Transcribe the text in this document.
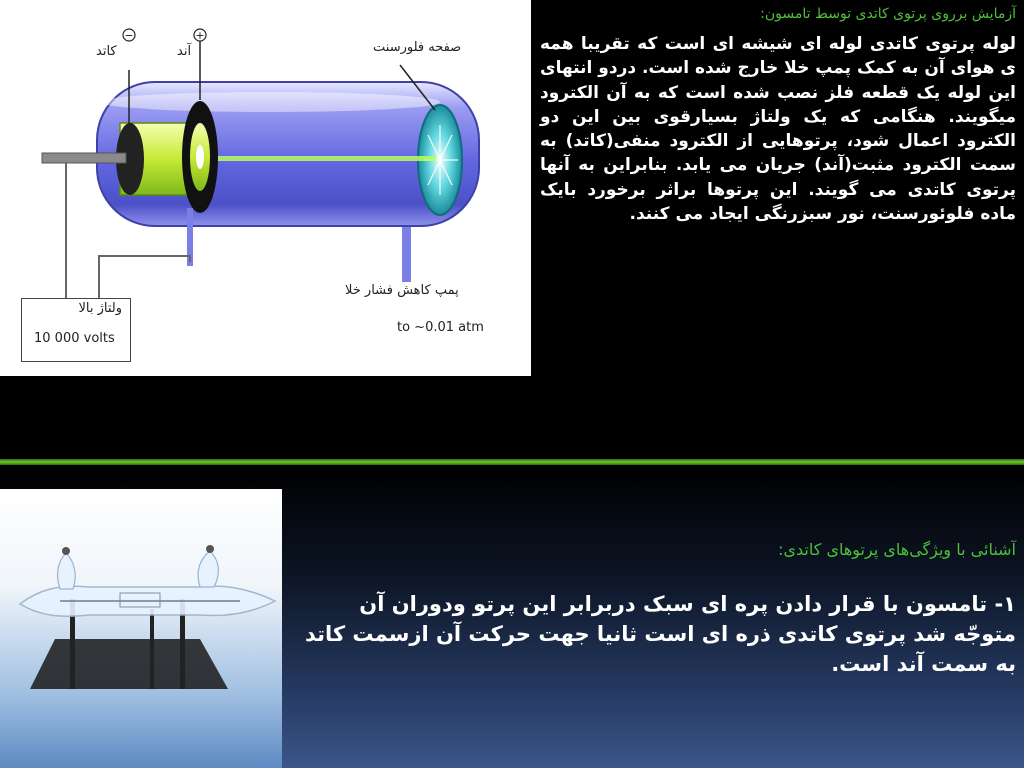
−	+
کاتد	آند	صفحه فلورسنت
پمپ کاهش فشار خلا
to ~0.01 atm
ولتاژ بالا
10 000 volts
آزمایش برروی پرتوی کاتدی توسط تامسون:
لوله پرتوی کاتدی لوله ای شیشه ای است که تقریبا همه ی هوای آن به کمک پمپ خلا خارج شده است. دردو انتهای این لوله یک قطعه فلز نصب شده است که به آن الکترود میگویند. هنگامی که یک ولتاژ بسیارقوی بین این دو الکترود اعمال شود، پرتوهایی از الکترود منفی(کاتد) به سمت الکترود مثبت(آند) جریان می یابد. بنابراین به آنها پرتوی کاتدی می گویند. این پرتوها براثر برخورد بایک ماده فلوئورسنت، نور سبزرنگی ایجاد می کنند.
آشنائی با ویژگی‌های پرتوهای کاتدی:
۱- تامسون با قرار دادن پره ای سبک دربرابر این پرتو ودوران آن متوجّه شد پرتوی کاتدی ذره ای است ثانیا جهت حرکت آن ازسمت کاتد به سمت آند است.
